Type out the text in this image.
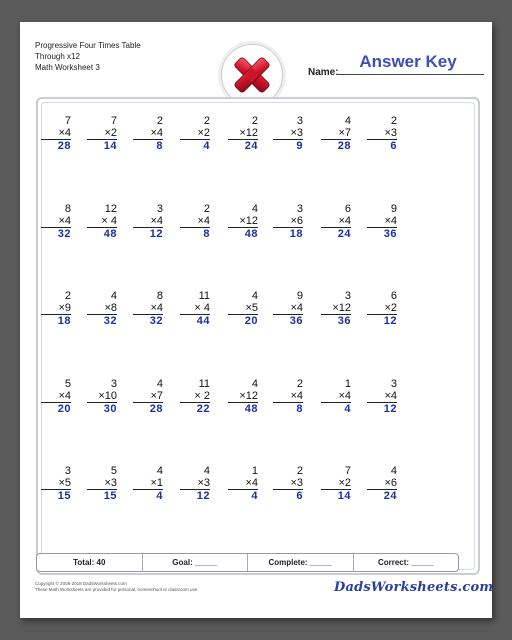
Progressive Four Times Table
Through x12
Math Worksheet 3	Name:
Answer Key
Total: 40	Goal: _____	Complete: _____	Correct: _____
Copyright © 2008-2018 DadsWorksheets.com
These Math Worksheets are provided for personal, homeschool or classroom use.	DadsWorksheets.com
7
×4
28
7
×2
14
2
×4
8
2
×2
4
2
×12
24
3
×3
9
4
×7
28
2
×3
6
8
×4
32
12
× 4
48
3
×4
12
2
×4
8
4
×12
48
3
×6
18
6
×4
24
9
×4
36
2
×9
18
4
×8
32
8
×4
32
11
× 4
44
4
×5
20
9
×4
36
3
×12
36
6
×2
12
5
×4
20
3
×10
30
4
×7
28
11
× 2
22
4
×12
48
2
×4
8
1
×4
4
3
×4
12
3
×5
15
5
×3
15
4
×1
4
4
×3
12
1
×4
4
2
×3
6
7
×2
14
4
×6
24
